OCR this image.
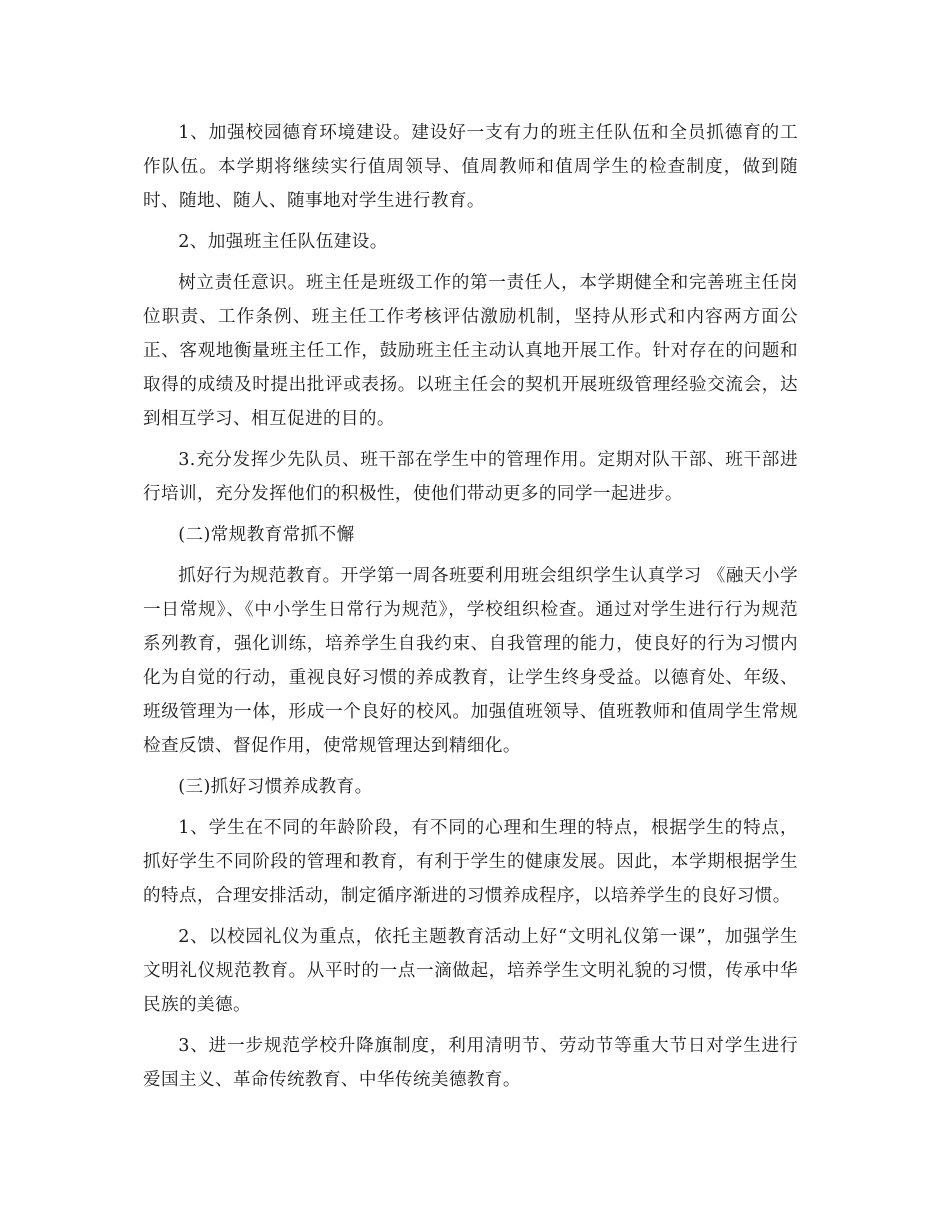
1、加强校园德育环境建设。建设好一支有力的班主任队伍和全员抓德育的工作队伍。本学期将继续实行值周领导、值周教师和值周学生的检查制度，做到随时、随地、随人、随事地对学生进行教育。

2、加强班主任队伍建设。

树立责任意识。班主任是班级工作的第一责任人，本学期健全和完善班主任岗位职责、工作条例、班主任工作考核评估激励机制，坚持从形式和内容两方面公正、客观地衡量班主任工作，鼓励班主任主动认真地开展工作。针对存在的问题和取得的成绩及时提出批评或表扬。以班主任会的契机开展班级管理经验交流会，达到相互学习、相互促进的目的。

3.充分发挥少先队员、班干部在学生中的管理作用。定期对队干部、班干部进行培训，充分发挥他们的积极性，使他们带动更多的同学一起进步。

(二)常规教育常抓不懈

抓好行为规范教育。开学第一周各班要利用班会组织学生认真学习 《融天小学一日常规》、《中小学生日常行为规范》，学校组织检查。通过对学生进行行为规范系列教育，强化训练，培养学生自我约束、自我管理的能力，使良好的行为习惯内化为自觉的行动，重视良好习惯的养成教育，让学生终身受益。以德育处、年级、班级管理为一体，形成一个良好的校风。加强值班领导、值班教师和值周学生常规检查反馈、督促作用，使常规管理达到精细化。

(三)抓好习惯养成教育。

1、学生在不同的年龄阶段，有不同的心理和生理的特点，根据学生的特点，抓好学生不同阶段的管理和教育，有利于学生的健康发展。因此，本学期根据学生的特点，合理安排活动，制定循序渐进的习惯养成程序，以培养学生的良好习惯。

2、以校园礼仪为重点，依托主题教育活动上好“文明礼仪第一课”，加强学生文明礼仪规范教育。从平时的一点一滴做起，培养学生文明礼貌的习惯，传承中华民族的美德。

3、进一步规范学校升降旗制度，利用清明节、劳动节等重大节日对学生进行爱国主义、革命传统教育、中华传统美德教育。
